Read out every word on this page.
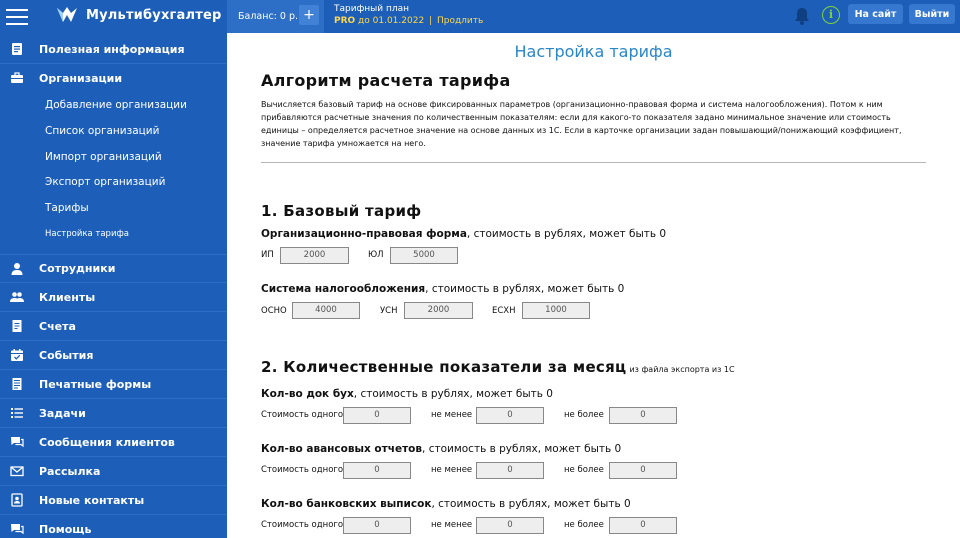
Мультибухгалтер Баланс: 0 р. +	Тарифный план
PRO до 01.01.2022 | Продлить	i	На сайт	Выйти
Полезная информация
Организации
Добавление организации
Список организаций
Импорт организаций
Экспорт организаций
Тарифы
Настройка тарифа
Сотрудники
Клиенты
Счета
События
Печатные формы
Задачи
Сообщения клиентов
Рассылка
Новые контакты
Помощь
Настройка тарифа
Алгоритм расчета тарифа
Вычисляется базовый тариф на основе фиксированных параметров (организационно-правовая форма и система налогообложения). Потом к ним прибавляются расчетные значения по количественным показателям: если для какого-то показателя задано минимальное значение или стоимость единицы – определяется расчетное значение на основе данных из 1С. Если в карточке организации задан повышающий/понижающий коэффициент, значение тарифа умножается на него.
1. Базовый тариф
Организационно-правовая форма, стоимость в рублях, может быть 0
ИП	2000	ЮЛ	5000
Система налогообложения, стоимость в рублях, может быть 0
ОСНО	4000	УСН	2000	ЕСХН	1000
2. Количественные показатели за месяц из файла экспорта из 1С
Кол-во док бух, стоимость в рублях, может быть 0
Стоимость одного	0	не менее	0	не более	0
Кол-во авансовых отчетов, стоимость в рублях, может быть 0
Стоимость одного	0	не менее	0	не более	0
Кол-во банковских выписок, стоимость в рублях, может быть 0
Стоимость одного	0	не менее	0	не более	0
